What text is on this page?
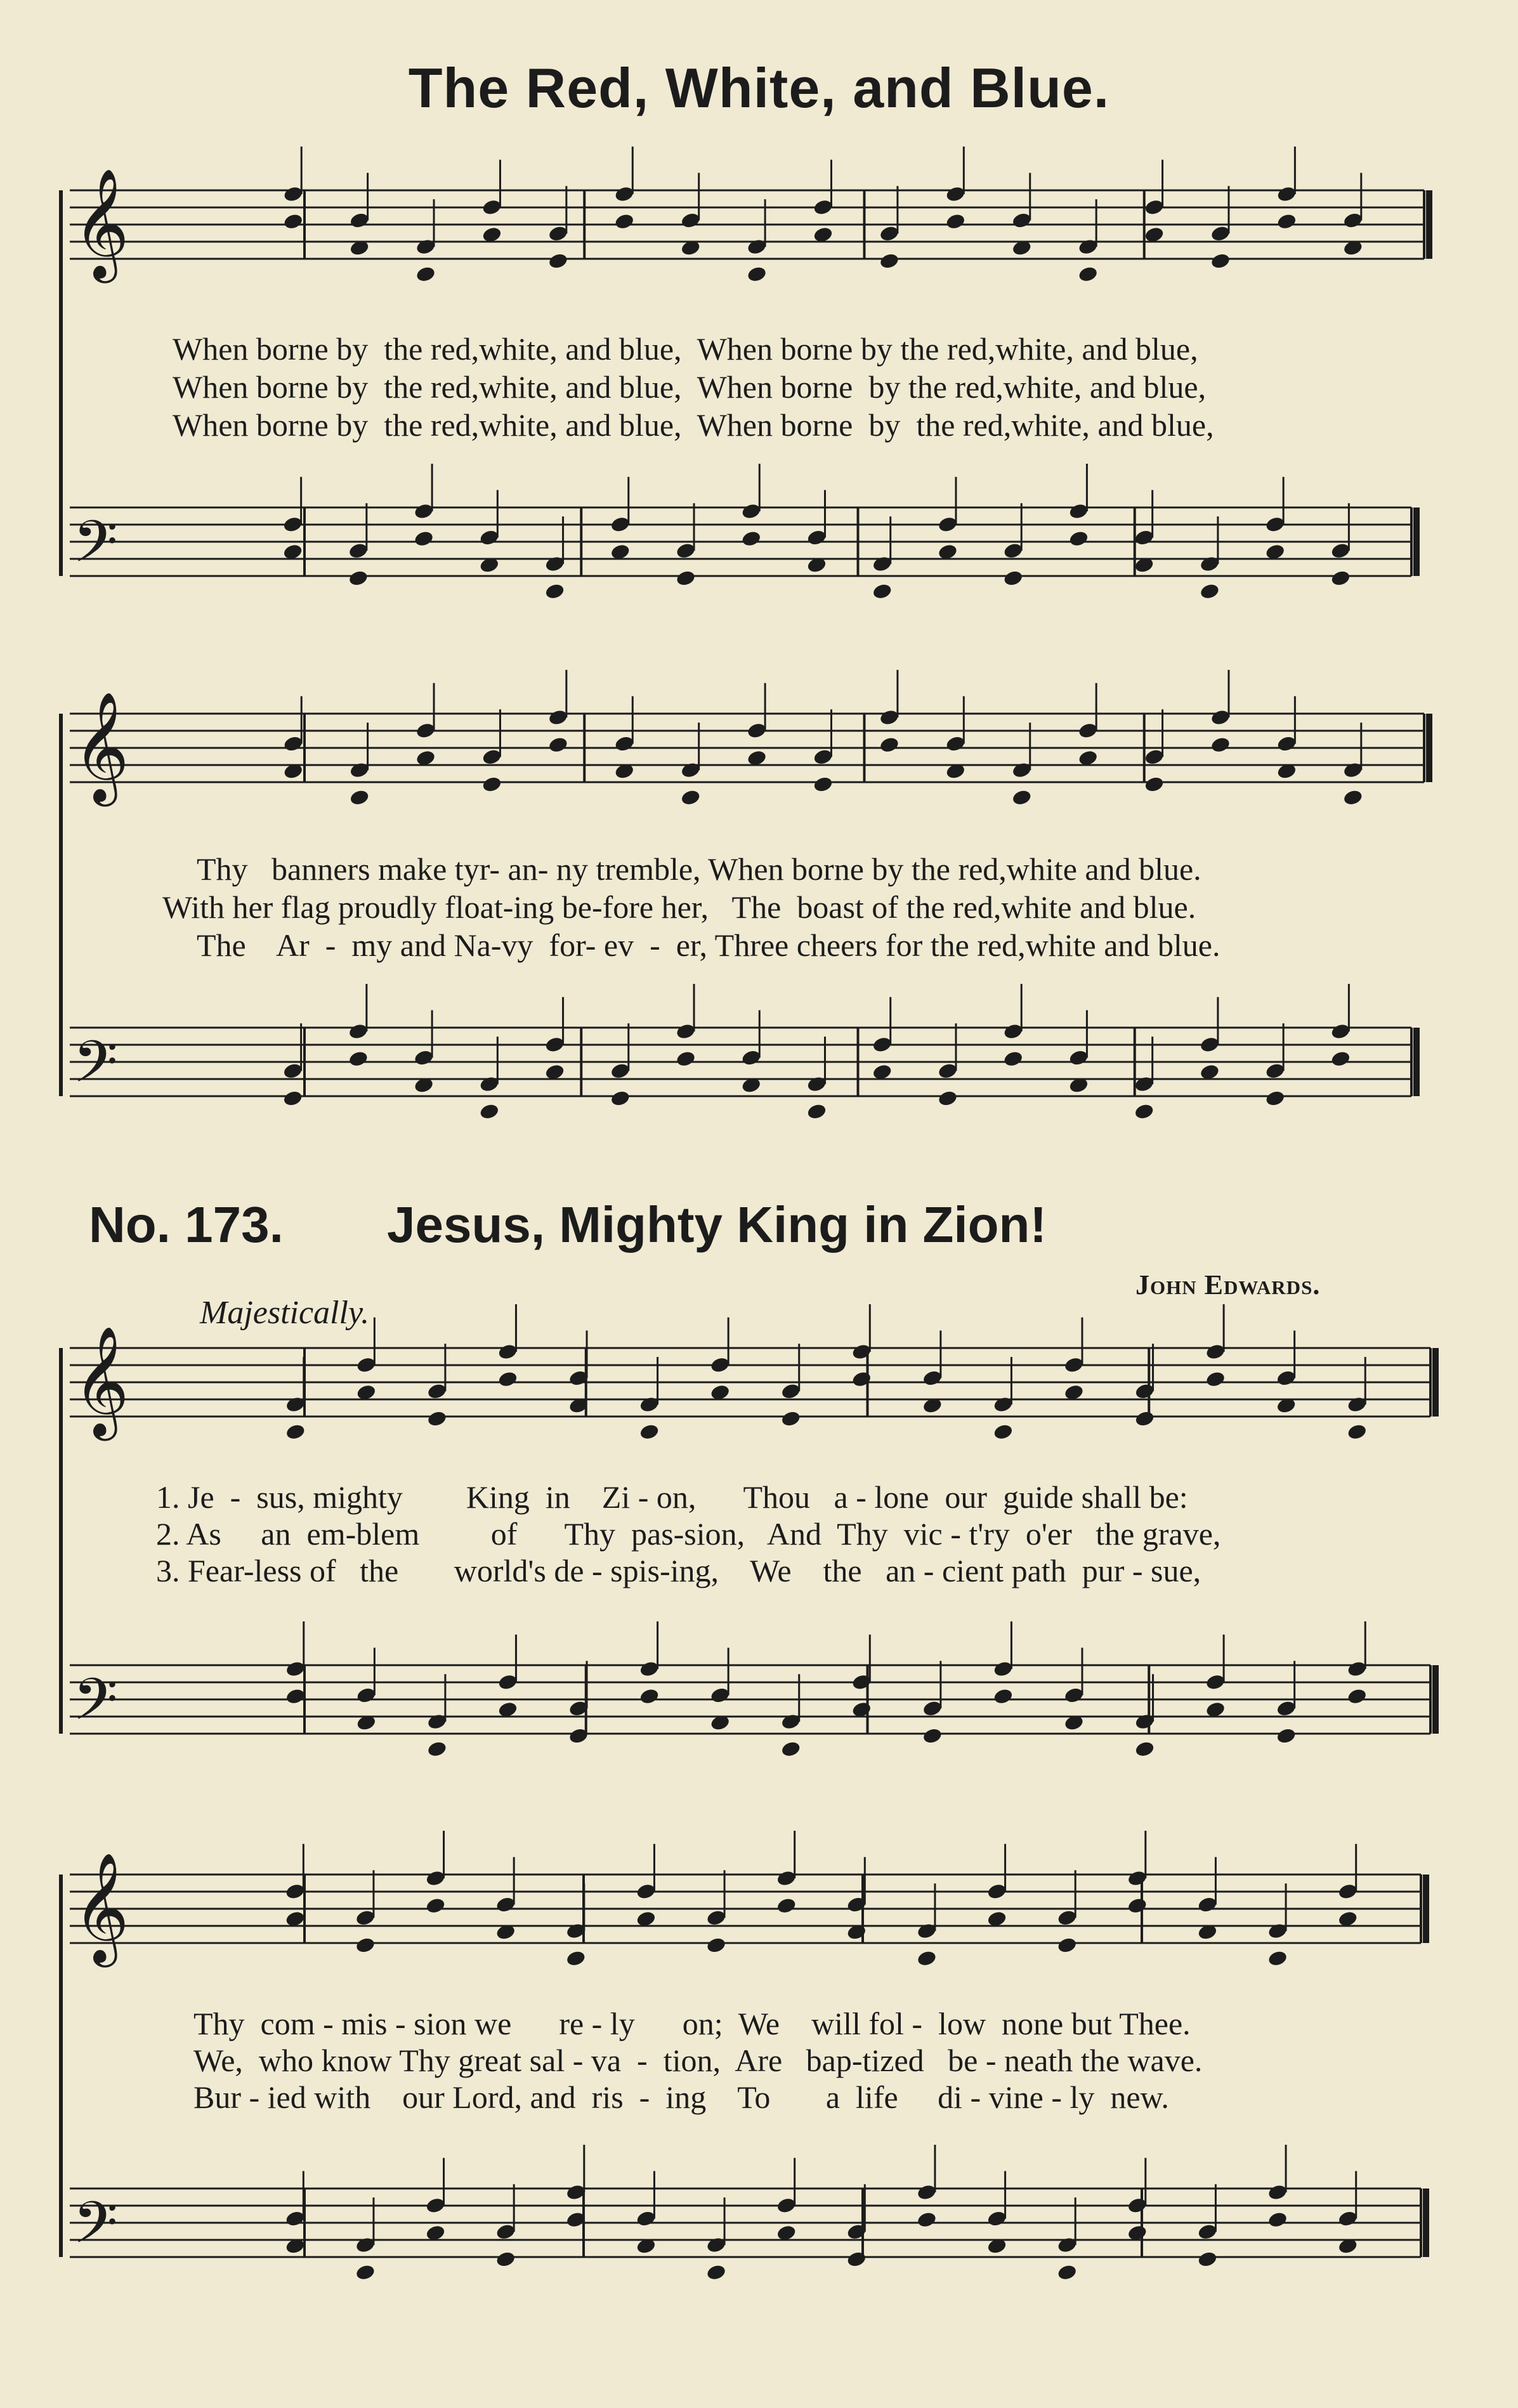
The Red, White, and Blue.
𝄞
𝄢
𝄞
𝄢
𝄞
𝄢
𝄞
𝄢

When borne by  the red,white, and blue,  When borne by the red,white, and blue,

When borne by  the red,white, and blue,  When borne  by the red,white, and blue,

When borne by  the red,white, and blue,  When borne  by  the red,white, and blue,

Thy   banners make tyr- an- ny tremble, When borne by the red,white and blue.

With her flag proudly float-ing be-fore her,   The  boast of the red,white and blue.

The    Ar  -  my and Na-vy  for- ev  -  er, Three cheers for the red,white and blue.

No. 173. Jesus, Mighty King in Zion!
John Edwards.
Majestically.

1. Je  -  sus, mighty        King  in    Zi - on,      Thou   a - lone  our  guide shall be:

2. As     an  em-blem         of      Thy  pas-sion,   And  Thy  vic - t'ry  o'er   the grave,

3. Fear-less of   the       world's de - spis-ing,    We    the   an - cient path  pur - sue,

Thy  com - mis - sion we      re - ly      on;  We    will fol -  low  none but Thee.

We,  who know Thy great sal - va  -  tion,  Are   bap-tized   be - neath the wave.

Bur - ied with    our Lord, and  ris  -  ing    To       a  life     di - vine - ly  new.
